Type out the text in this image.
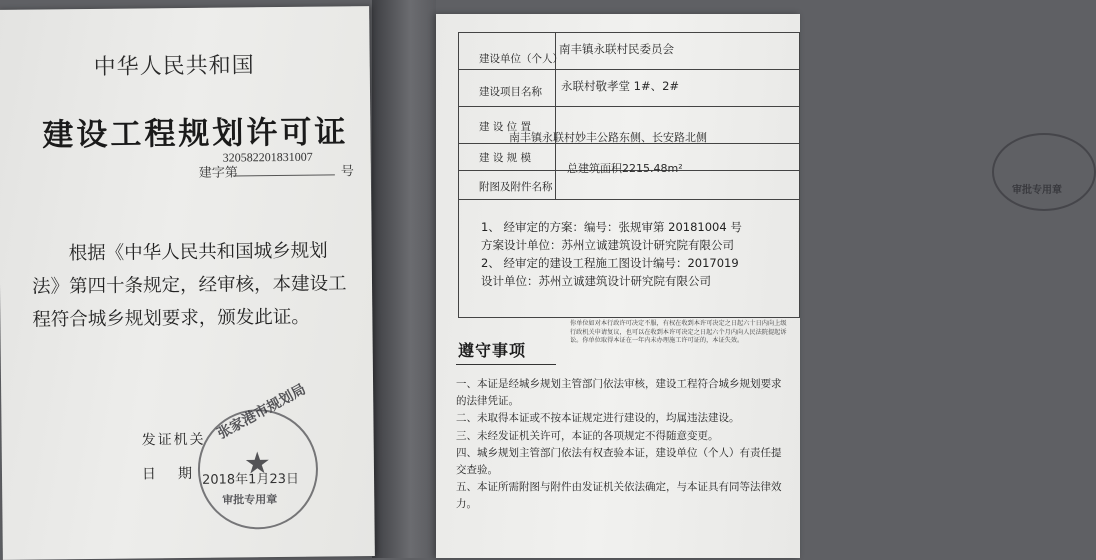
中华人民共和国
建设工程规划许可证
320582201831007
建字第	号
根据《中华人民共和国城乡规划法》第四十条规定，经审核，本建设工程符合城乡规划要求，颁发此证。
发证机关
日期
2018年1月23日
张家港市规划局
★
审批专用章
建设单位（个人）
南丰镇永联村民委员会
建设项目名称 永联村敬孝堂 1#、2#
建 设 位 置
南丰镇永联村妙丰公路东侧、长安路北侧
建 设 规 模
总建筑面积2215.48m²
附图及附件名称
1、 经审定的方案：编号：张规审第 20181004 号
方案设计单位：苏州立诚建筑设计研究院有限公司
2、 经审定的建设工程施工图设计编号：2017019
设计单位：苏州立诚建筑设计研究院有限公司
审批专用章
你单位如对本行政许可决定不服，有权在收到本许可决定之日起六十日内向上级行政机关申请复议，也可以在收到本许可决定之日起六个月内向人民法院提起诉讼。你单位取得本证在一年内未办理施工许可证的，本证失效。
遵守事项
一、本证是经城乡规划主管部门依法审核，建设工程符合城乡规划要求的法律凭证。
二、未取得本证或不按本证规定进行建设的，均属违法建设。
三、未经发证机关许可，本证的各项规定不得随意变更。
四、城乡规划主管部门依法有权查验本证，建设单位（个人）有责任提交查验。
五、本证所需附图与附件由发证机关依法确定，与本证具有同等法律效力。
